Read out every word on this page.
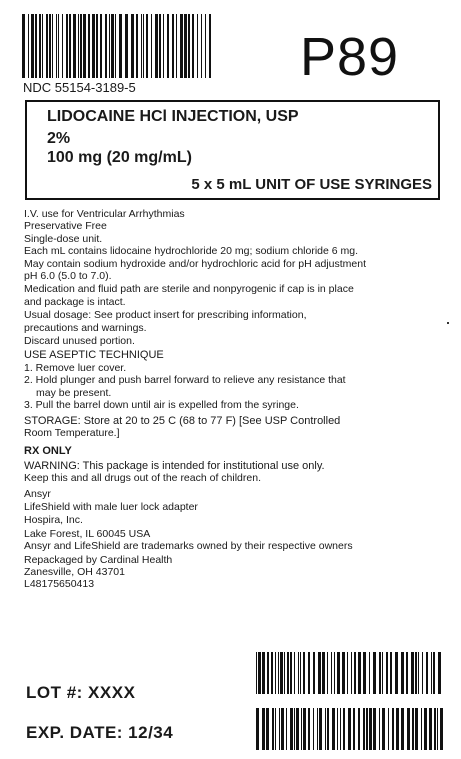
P89
NDC 55154-3189-5
LIDOCAINE HCl INJECTION, USP
2%
100 mg (20 mg/mL)
5 x 5 mL UNIT OF USE SYRINGES

I.V. use for Ventricular Arrhythmias

Preservative Free

Single-dose unit.

Each mL contains lidocaine hydrochloride 20 mg; sodium chloride 6 mg.

May contain sodium hydroxide and/or hydrochloric acid for pH adjustment

pH 6.0 (5.0 to 7.0).

Medication and fluid path are sterile and nonpyrogenic if cap is in place

and package is intact.

Usual dosage: See product insert for prescribing information,

precautions and warnings.

Discard unused portion.

USE ASEPTIC TECHNIQUE

1. Remove luer cover.

2. Hold plunger and push barrel forward to relieve any resistance that

may be present.

3. Pull the barrel down until air is expelled from the syringe.

STORAGE: Store at 20 to 25 C (68 to 77 F) [See USP Controlled

Room Temperature.]

RX ONLY

WARNING: This package is intended for institutional use only.

Keep this and all drugs out of the reach of children.

Ansyr

LifeShield with male luer lock adapter

Hospira, Inc.

Lake Forest, IL 60045 USA

Ansyr and LifeShield are trademarks owned by their respective owners

Repackaged by Cardinal Health

Zanesville, OH 43701

L48175650413

LOT #: XXXX
EXP. DATE: 12/34
